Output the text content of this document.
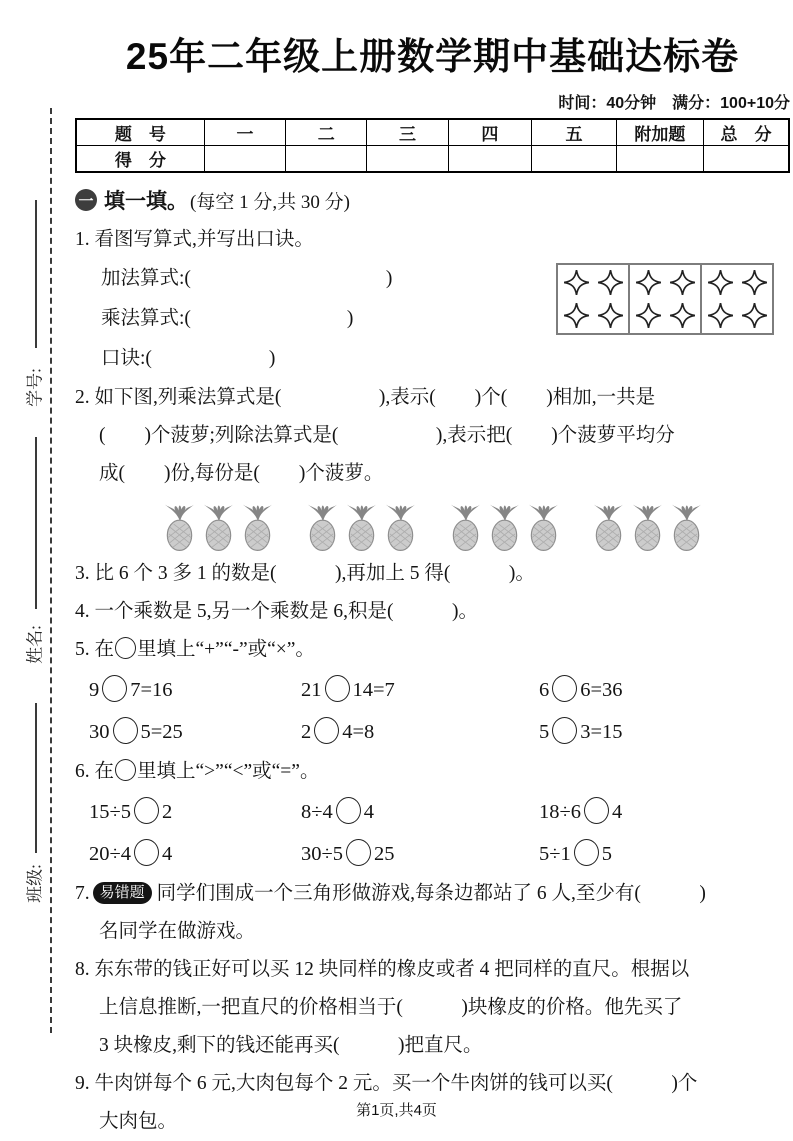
学号:
姓名:
班级:
25年二年级上册数学期中基础达标卷
时间：40分钟　满分：100+10分
题　号	一	二	三	四	五	附加题	总　分
得　分							
一 填一填。 (每空 1 分,共 30 分)
1. 看图写算式,并写出口诀。
加法算式:(　　　　　　　　　　)
乘法算式:(　　　　　　　　)
口诀:(　　　　　　)
2. 如下图,列乘法算式是(　　　　　),表示(　　)个(　　)相加,一共是
(　　)个菠萝;列除法算式是(　　　　　),表示把(　　)个菠萝平均分
成(　　)份,每份是(　　)个菠萝。
3. 比 6 个 3 多 1 的数是(　　　),再加上 5 得(　　　)。
4. 一个乘数是 5,另一个乘数是 6,积是(　　　)。
5. 在 里填上“+”“-”或“×”。
9 7=16	21 14=7	6 6=36
30 5=25	2 4=8	5 3=15
6. 在 里填上“>”“<”或“=”。
15÷5 2	8÷4 4	18÷6 4
20÷4 4	30÷5 25	5÷1 5
7. 易错题 同学们围成一个三角形做游戏,每条边都站了 6 人,至少有(　　　)
名同学在做游戏。
8. 东东带的钱正好可以买 12 块同样的橡皮或者 4 把同样的直尺。根据以
上信息推断,一把直尺的价格相当于(　　　)块橡皮的价格。他先买了
3 块橡皮,剩下的钱还能再买(　　　)把直尺。
9. 牛肉饼每个 6 元,大肉包每个 2 元。买一个牛肉饼的钱可以买(　　　)个
大肉包。
第1页,共4页
